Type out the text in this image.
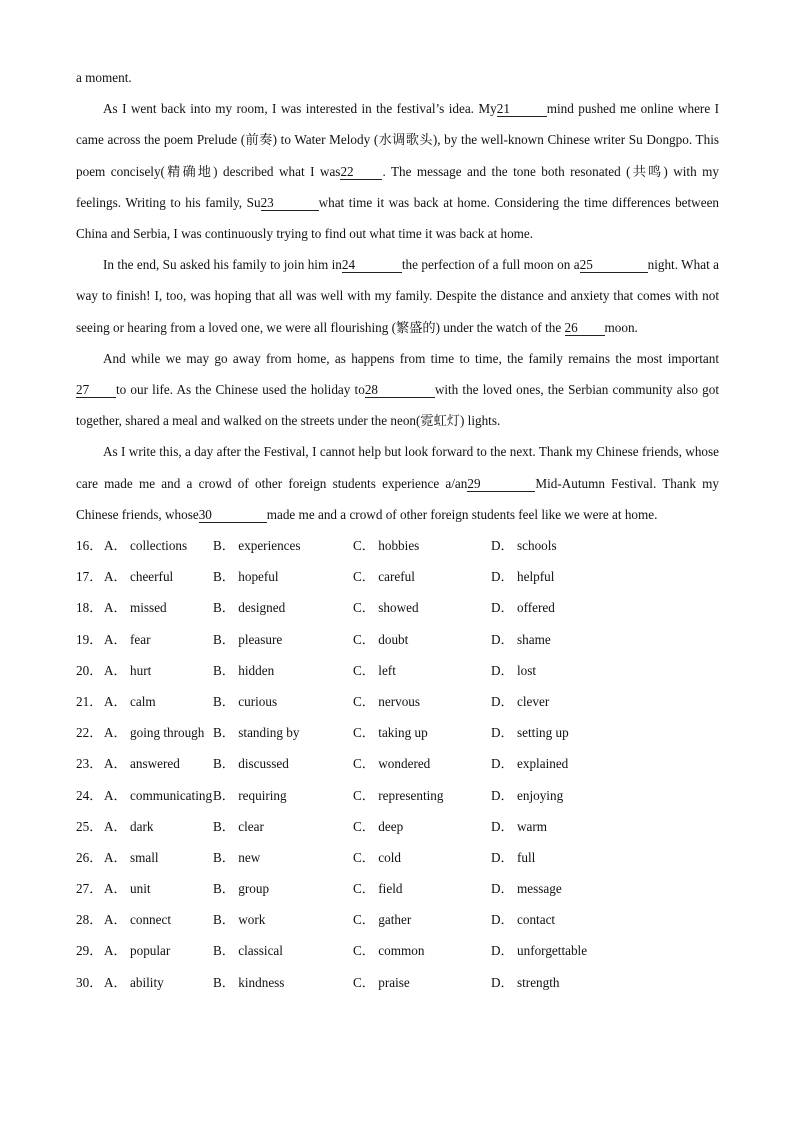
a moment.

As I went back into my room, I was interested in the festival’s idea. My21	mind pushed me online where I came across the poem Prelude (前奏) to Water Melody (水调歌头), by the well-known Chinese writer Su Dongpo. This poem concisely(精确地) described what I was22 . The message and the tone both resonated (共鸣) with my feelings. Writing to his family, Su23	what time it was back at home. Considering the time differences between China and Serbia, I was continuously trying to find out what time it was back at home.

In the end, Su asked his family to join him in24	the perfection of a full moon on a25	night. What a way to finish! I, too, was hoping that all was well with my family. Despite the distance and anxiety that comes with not seeing or hearing from a loved one, we were all flourishing (繁盛的) under the watch of the 26 moon.

And while we may go away from home, as happens from time to time, the family remains the most important 27 to our life. As the Chinese used the holiday to28	with the loved ones, the Serbian community also got together, shared a meal and walked on the streets under the neon(霓虹灯) lights.

As I write this, a day after the Festival, I cannot help but look forward to the next. Thank my Chinese friends, whose care made me and a crowd of other foreign students experience a/an29	Mid-Autumn Festival. Thank my Chinese friends, whose30	made me and a crowd of other foreign students feel like we were at home.

16． A． collections	B． experiences	C． hobbies	D． schools
17． A． cheerful	B． hopeful	C． careful	D． helpful
18． A． missed	B． designed	C． showed	D． offered
19． A． fear	B． pleasure	C． doubt	D． shame
20． A． hurt	B． hidden	C． left	D． lost
21． A． calm	B． curious	C． nervous	D． clever
22． A． going through B． standing by	C． taking up	D． setting up
23． A． answered	B． discussed	C． wondered	D． explained
24． A． communicating B． requiring	C． representing	D． enjoying
25． A． dark	B． clear	C． deep	D． warm
26． A． small	B． new	C． cold	D． full
27． A． unit	B． group	C． field	D． message
28． A． connect	B． work	C． gather	D． contact
29． A． popular	B． classical	C． common	D． unforgettable
30． A． ability	B． kindness	C． praise	D． strength
